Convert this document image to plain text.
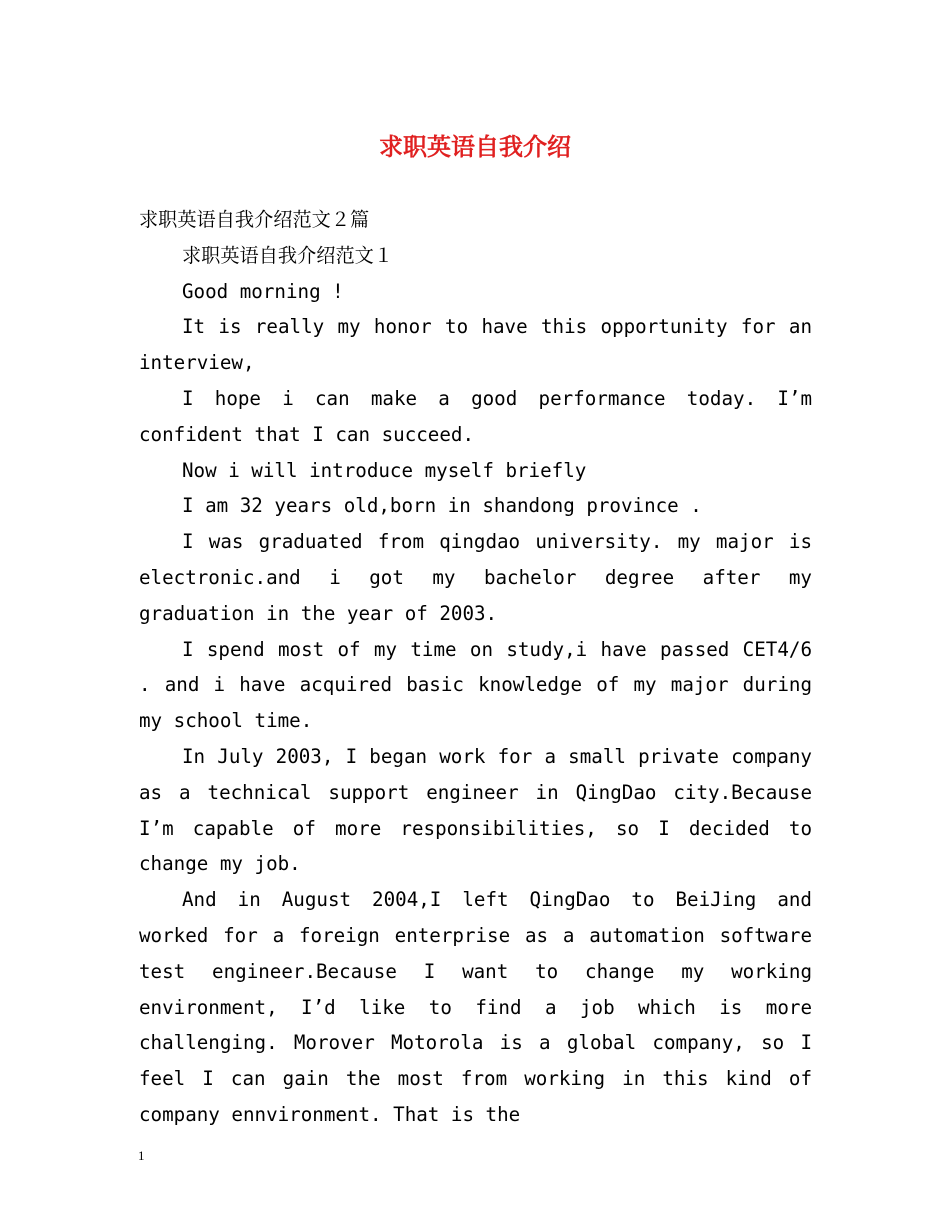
求职英语自我介绍

求职英语自我介绍范文２篇

求职英语自我介绍范文１

Good morning !

It is really my honor to have this opportunity for an interview,

I hope i can make a good performance today. I’m confident that I can succeed.

Now i will introduce myself briefly

I am 32 years old,born in shandong province .

I was graduated from qingdao university. my major is electronic.and i got my bachelor degree after my graduation in the year of 2003.

I spend most of my time on study,i have passed CET4/6 . and i have acquired basic knowledge of my major during my school time.

In July 2003, I began work for a small private company as a technical support engineer in QingDao city.Because I’m capable of more responsibilities, so I decided to change my job.

And in August 2004,I left QingDao to BeiJing and worked for a foreign enterprise as a automation software test engineer.Because I want to change my working environment, I’d like to find a job which is more challenging. Morover Motorola is a global company, so I feel I can gain the most from working in this kind of company ennvironment. That is the

1
